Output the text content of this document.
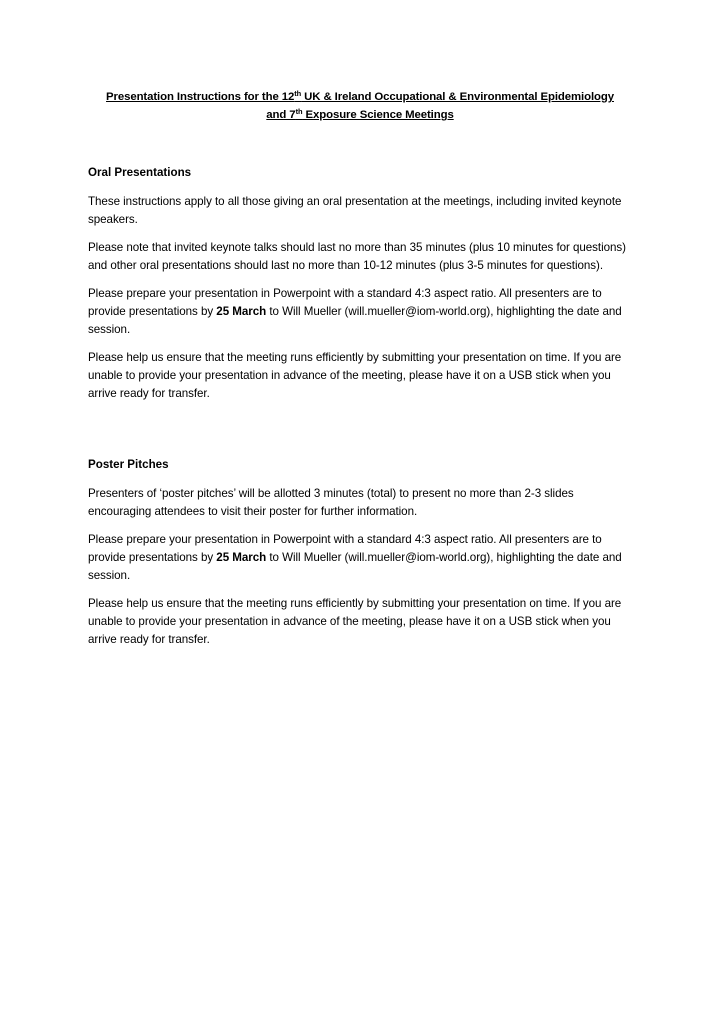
Presentation Instructions for the 12th UK & Ireland Occupational & Environmental Epidemiology
and 7th Exposure Science Meetings
Oral Presentations

These instructions apply to all those giving an oral presentation at the meetings, including invited keynote speakers.

Please note that invited keynote talks should last no more than 35 minutes (plus 10 minutes for questions) and other oral presentations should last no more than 10-12 minutes (plus 3-5 minutes for questions).

Please prepare your presentation in Powerpoint with a standard 4:3 aspect ratio. All presenters are to provide presentations by 25 March to Will Mueller (will.mueller@iom-world.org), highlighting the date and session.

Please help us ensure that the meeting runs efficiently by submitting your presentation on time. If you are unable to provide your presentation in advance of the meeting, please have it on a USB stick when you arrive ready for transfer.

Poster Pitches

Presenters of ‘poster pitches’ will be allotted 3 minutes (total) to present no more than 2-3 slides encouraging attendees to visit their poster for further information.

Please prepare your presentation in Powerpoint with a standard 4:3 aspect ratio. All presenters are to provide presentations by 25 March to Will Mueller (will.mueller@iom-world.org), highlighting the date and session.

Please help us ensure that the meeting runs efficiently by submitting your presentation on time. If you are unable to provide your presentation in advance of the meeting, please have it on a USB stick when you arrive ready for transfer.
